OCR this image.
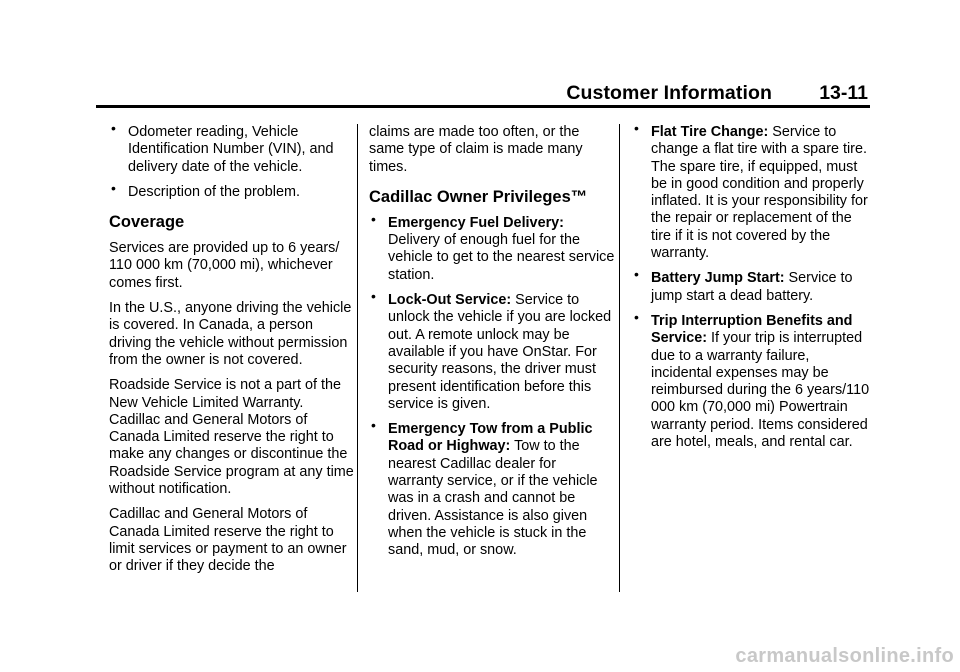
Customer Information 13-11
• Odometer reading, Vehicle Identification Number (VIN), and delivery date of the vehicle.
• Description of the problem.
Coverage

Services are provided up to 6 years/ 110 000 km (70,000 mi), whichever comes first.

In the U.S., anyone driving the vehicle is covered. In Canada, a person driving the vehicle without permission from the owner is not covered.

Roadside Service is not a part of the New Vehicle Limited Warranty. Cadillac and General Motors of Canada Limited reserve the right to make any changes or discontinue the Roadside Service program at any time without notification.

Cadillac and General Motors of Canada Limited reserve the right to limit services or payment to an owner or driver if they decide the

claims are made too often, or the same type of claim is made many times.

Cadillac Owner Privileges™
• Emergency Fuel Delivery: Delivery of enough fuel for the vehicle to get to the nearest service station.
• Lock-Out Service: Service to unlock the vehicle if you are locked out. A remote unlock may be available if you have OnStar. For security reasons, the driver must present identification before this service is given.
• Emergency Tow from a Public Road or Highway: Tow to the nearest Cadillac dealer for warranty service, or if the vehicle was in a crash and cannot be driven. Assistance is also given when the vehicle is stuck in the sand, mud, or snow.
• Flat Tire Change: Service to change a flat tire with a spare tire. The spare tire, if equipped, must be in good condition and properly inflated. It is your responsibility for the repair or replacement of the tire if it is not covered by the warranty.
• Battery Jump Start: Service to jump start a dead battery.
• Trip Interruption Benefits and Service: If your trip is interrupted due to a warranty failure, incidental expenses may be reimbursed during the 6 years/110 000 km (70,000 mi) Powertrain warranty period. Items considered are hotel, meals, and rental car.
carmanualsonline.info
